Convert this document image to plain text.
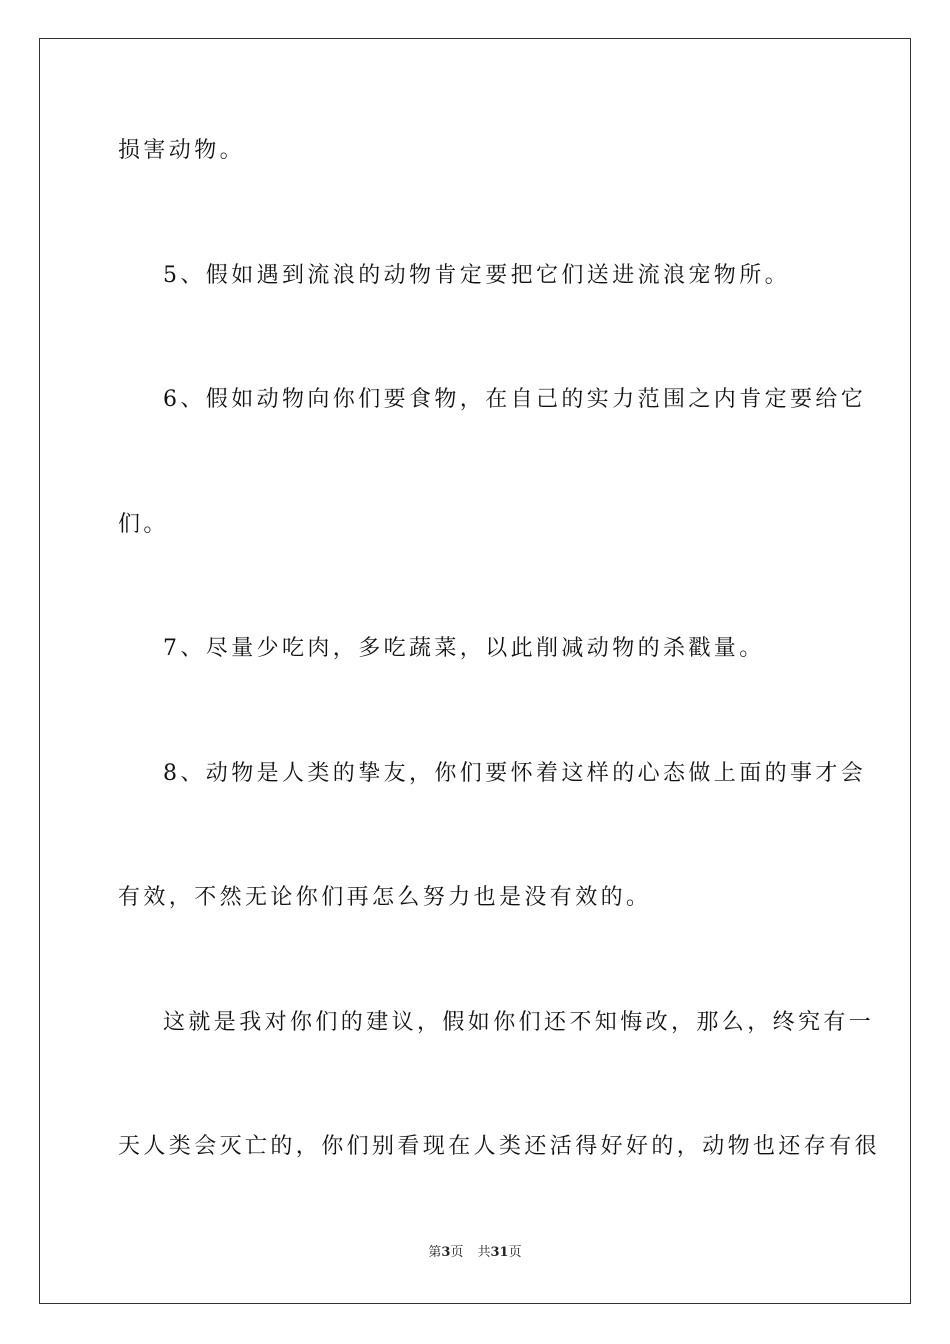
损害动物。
5、假如遇到流浪的动物肯定要把它们送进流浪宠物所。
6、假如动物向你们要食物，在自己的实力范围之内肯定要给它
们。
7、尽量少吃肉，多吃蔬菜，以此削减动物的杀戳量。
8、动物是人类的挚友，你们要怀着这样的心态做上面的事才会
有效，不然无论你们再怎么努力也是没有效的。
这就是我对你们的建议，假如你们还不知悔改，那么，终究有一
天人类会灭亡的，你们别看现在人类还活得好好的，动物也还存有很
第3页 共31页
